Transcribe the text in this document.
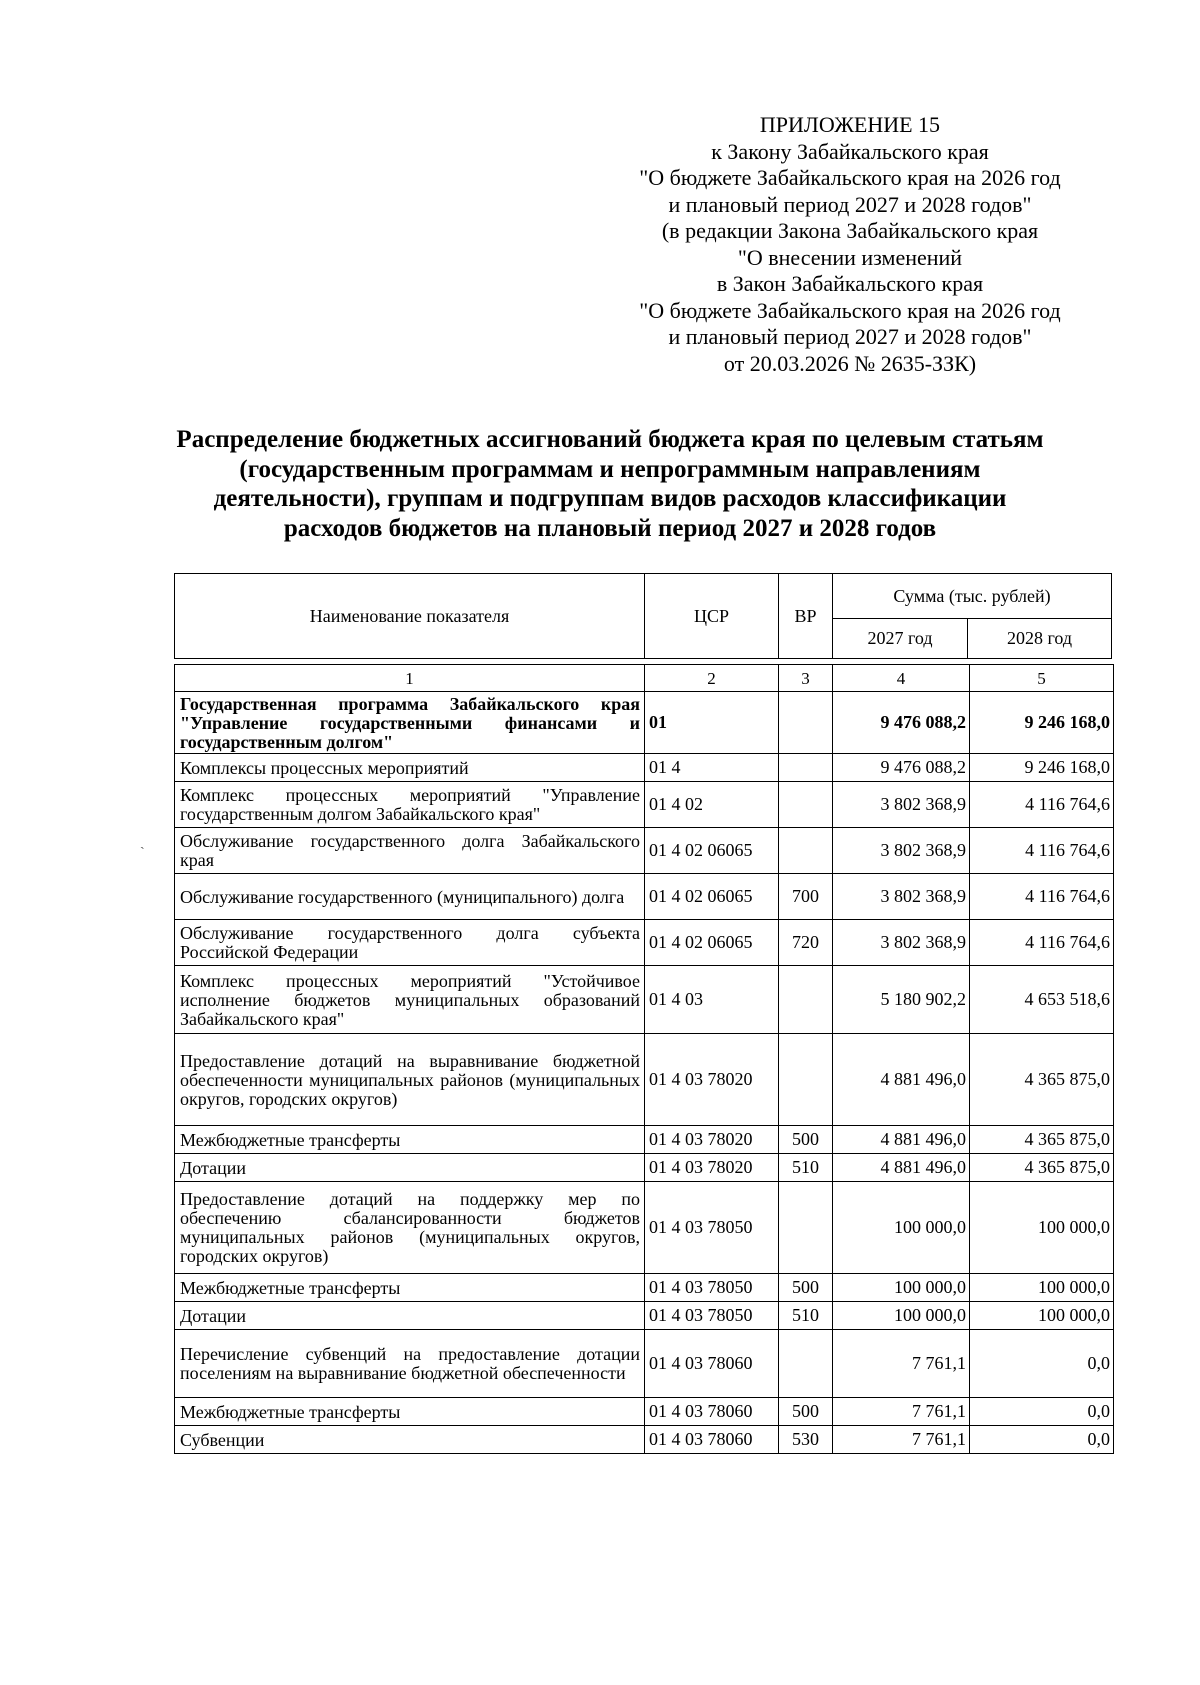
ПРИЛОЖЕНИЕ 15
к Закону Забайкальского края
"О бюджете Забайкальского края на 2026 год
и плановый период 2027 и 2028 годов"
(в редакции Закона Забайкальского края
"О внесении изменений
в Закон Забайкальского края
"О бюджете Забайкальского края на 2026 год
и плановый период 2027 и 2028 годов"
от 20.03.2026 № 2635-ЗЗК)
Распределение бюджетных ассигнований бюджета края по целевым статьям
(государственным программам и непрограммным направлениям
деятельности), группам и подгруппам видов расходов классификации
расходов бюджетов на плановый период 2027 и 2028 годов
Наименование показателя	ЦСР	ВР	Сумма (тыс. рублей)	
			2027 год	2028 год
1	2	3	4	5
Государственная программа Забайкальского края "Управление государственными финансами и государственным долгом"	01		9 476 088,2	9 246 168,0
Комплексы процессных мероприятий	01 4		9 476 088,2	9 246 168,0
Комплекс процессных мероприятий "Управление государственным долгом Забайкальского края"	01 4 02		3 802 368,9	4 116 764,6
Обслуживание государственного долга Забайкальского края	01 4 02 06065		3 802 368,9	4 116 764,6
Обслуживание государственного (муниципального) долга	01 4 02 06065	700	3 802 368,9	4 116 764,6
Обслуживание государственного долга субъекта Российской Федерации	01 4 02 06065	720	3 802 368,9	4 116 764,6
Комплекс процессных мероприятий "Устойчивое исполнение бюджетов муниципальных образований Забайкальского края"	01 4 03		5 180 902,2	4 653 518,6
Предоставление дотаций на выравнивание бюджетной обеспеченности муниципальных районов (муниципальных округов, городских округов)	01 4 03 78020		4 881 496,0	4 365 875,0
Межбюджетные трансферты	01 4 03 78020	500	4 881 496,0	4 365 875,0
Дотации	01 4 03 78020	510	4 881 496,0	4 365 875,0
Предоставление дотаций на поддержку мер по обеспечению сбалансированности бюджетов муниципальных районов (муниципальных округов, городских округов)	01 4 03 78050		100 000,0	100 000,0
Межбюджетные трансферты	01 4 03 78050	500	100 000,0	100 000,0
Дотации	01 4 03 78050	510	100 000,0	100 000,0
Перечисление субвенций на предоставление дотации поселениям на выравнивание бюджетной обеспеченности	01 4 03 78060		7 761,1	0,0
Межбюджетные трансферты	01 4 03 78060	500	7 761,1	0,0
Субвенции	01 4 03 78060	530	7 761,1	0,0
ˏ
